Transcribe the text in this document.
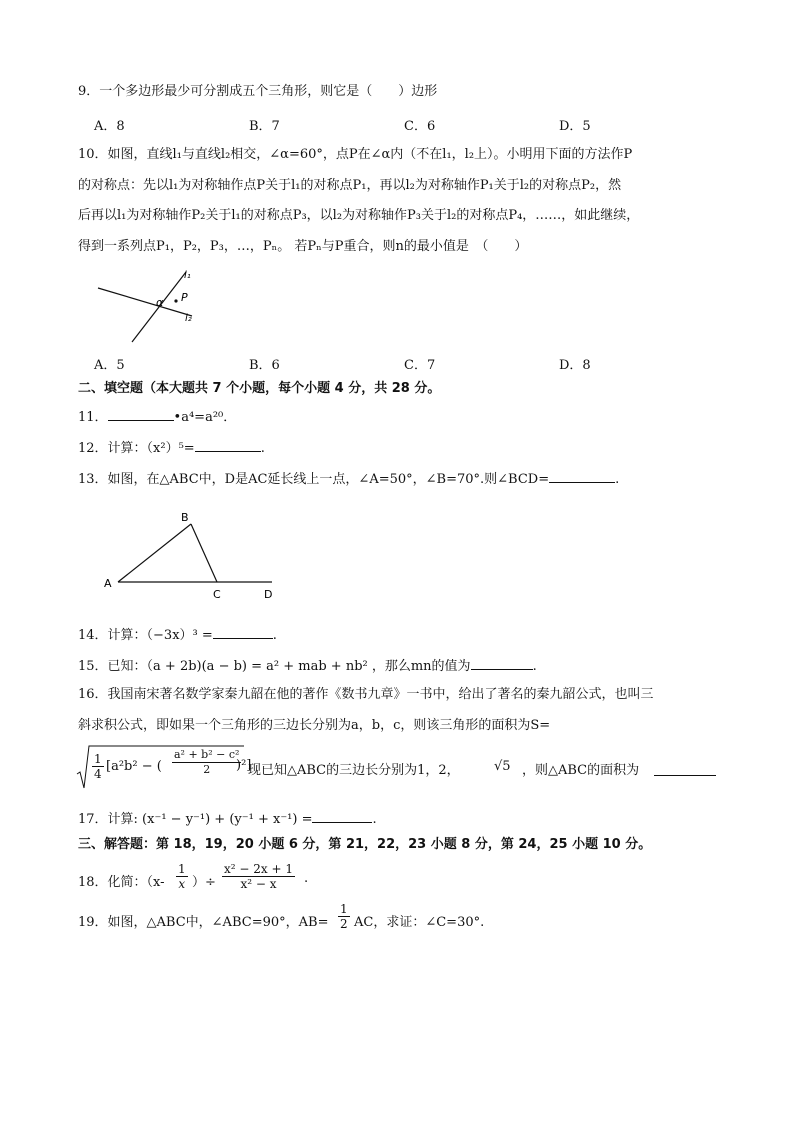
9．一个多边形最少可分割成五个三角形，则它是（　　）边形
A．8	B．7	C．6	D．5
10．如图，直线l₁与直线l₂相交，∠α=60°，点P在∠α内（不在l₁，l₂上）。小明用下面的方法作P
的对称点：先以l₁为对称轴作点P关于l₁的对称点P₁，再以l₂为对称轴作P₁关于l₂的对称点P₂，然
后再以l₁为对称轴作P₂关于l₁的对称点P₃，以l₂为对称轴作P₃关于l₂的对称点P₄，……，如此继续，
得到一系列点P₁，P₂，P₃，…，Pₙ。 若Pₙ与P重合，则n的最小值是　（　　）
l₁
l₂
α P
A．5	B．6	C．7	D．8
二、填空题（本大题共 7 个小题，每个小题 4 分，共 28 分。
11．	•a⁴=a²⁰．
12．计算：（x²）⁵=	.
13．如图，在△ABC中，D是AC延长线上一点，∠A=50°，∠B=70°.则∠BCD=	.
A
B
C	D
14．计算：（−3x）³ =	.
15．已知：（a + 2b)(a − b) = a² + mab + nb² ，那么mn的值为	.
16．我国南宋著名数学家秦九韶在他的著作《数书九章》一书中，给出了著名的秦九韶公式，也叫三
斜求积公式，即如果一个三角形的三边长分别为a，b，c，则该三角形的面积为S=
$\frac{1}{4} [a^2b^2$ − ( $\frac{\text{a² + b² − c²}}{2}$
)²]
现已知△ABC的三边长分别为1，2，	√5 ，则△ABC的面积为
17．计算: (x⁻¹ − y⁻¹) + (y⁻¹ + x⁻¹) =	.
三、解答题：第 18，19，20 小题 6 分，第 21，22，23 小题 8 分，第 24，25 小题 10 分。
18．化简：（$x- \frac{1}{x}$ ）÷ $\frac{\text{x² − 2x + 1}}{\text{x² − x}}$ .
19．如图，△ABC中，∠ABC=90°，$AB= \frac{1}{2}$ AC，求证：∠C=30°.
